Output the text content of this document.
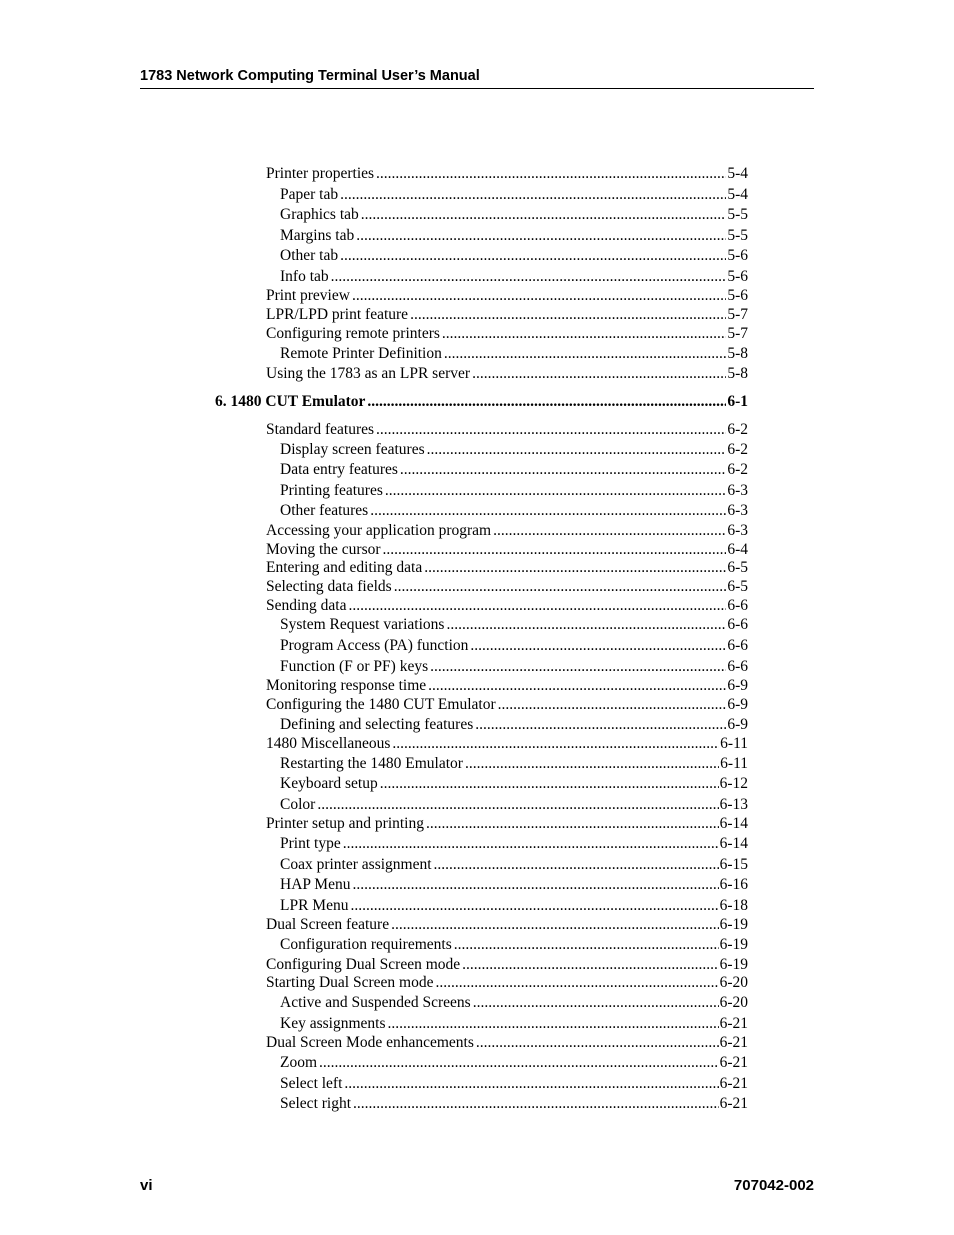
1783 Network Computing Terminal User’s Manual
Printer properties .....	5-4
Paper tab .....	5-4
Graphics tab .....	5-5
Margins tab .....	5-5
Other tab .....	5-6
Info tab .....	5-6
Print preview .....	5-6
LPR/LPD print feature .....	5-7
Configuring remote printers .....	5-7
Remote Printer Definition .....	5-8
Using the 1783 as an LPR server .....	5-8
6. 1480 CUT Emulator .....	6-1
Standard features .....	6-2
Display screen features .....	6-2
Data entry features .....	6-2
Printing features .....	6-3
Other features .....	6-3
Accessing your application program .....	6-3
Moving the cursor .....	6-4
Entering and editing data .....	6-5
Selecting data fields .....	6-5
Sending data .....	6-6
System Request variations .....	6-6
Program Access (PA) function .....	6-6
Function (F or PF) keys .....	6-6
Monitoring response time .....	6-9
Configuring the 1480 CUT Emulator .....	6-9
Defining and selecting features .....	6-9
1480 Miscellaneous .....	6-11
Restarting the 1480 Emulator .....	6-11
Keyboard setup .....	6-12
Color .....	6-13
Printer setup and printing .....	6-14
Print type .....	6-14
Coax printer assignment .....	6-15
HAP Menu .....	6-16
LPR Menu .....	6-18
Dual Screen feature .....	6-19
Configuration requirements .....	6-19
Configuring Dual Screen mode .....	6-19
Starting Dual Screen mode .....	6-20
Active and Suspended Screens .....	6-20
Key assignments .....	6-21
Dual Screen Mode enhancements .....	6-21
Zoom .....	6-21
Select left .....	6-21
Select right .....	6-21
vi	707042-002
